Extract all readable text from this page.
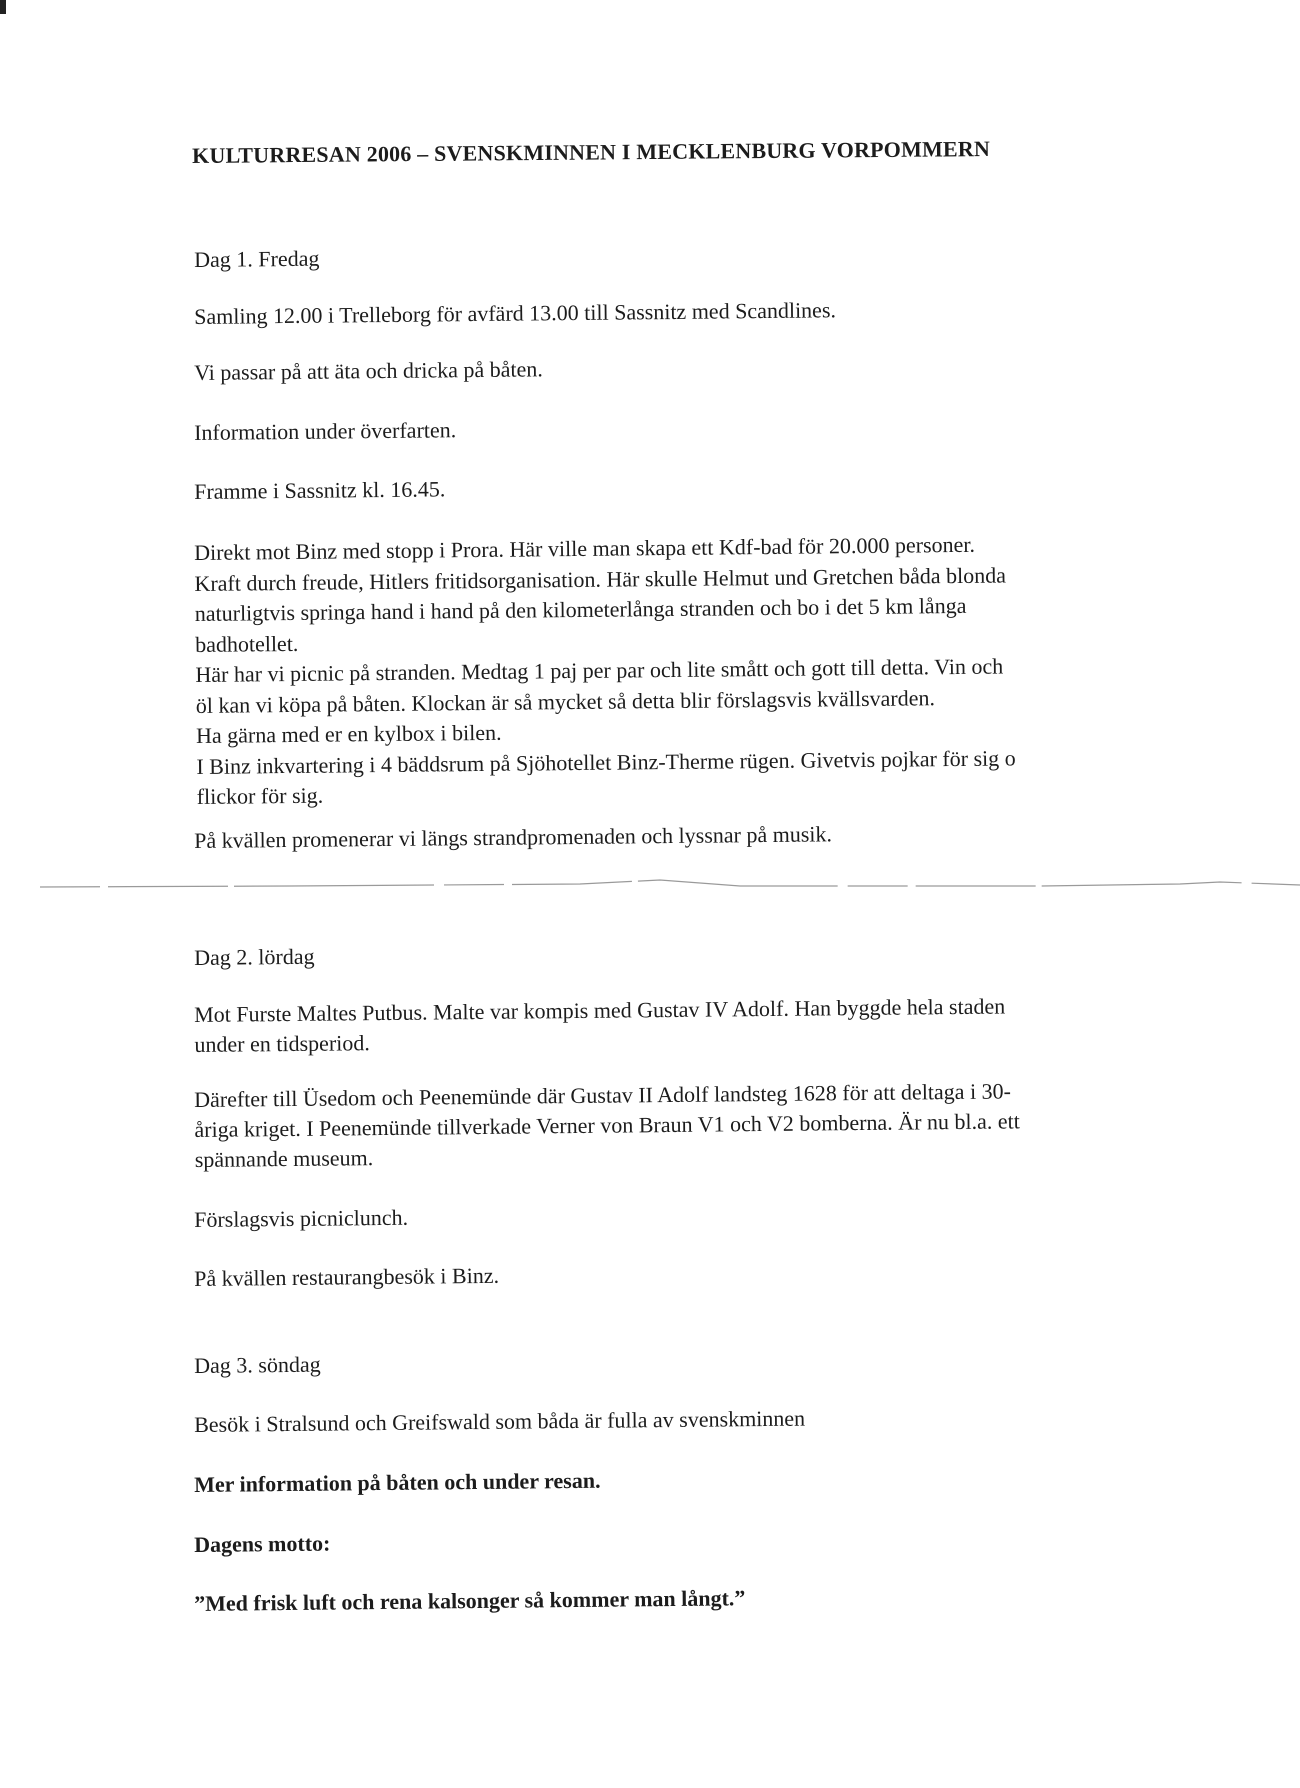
KULTURRESAN 2006 – SVENSKMINNEN I MECKLENBURG VORPOMMERN

Dag 1. Fredag

Samling 12.00 i Trelleborg för avfärd 13.00 till Sassnitz med Scandlines.

Vi passar på att äta och dricka på båten.

Information under överfarten.

Framme i Sassnitz kl. 16.45.

Direkt mot Binz med stopp i Prora. Här ville man skapa ett Kdf-bad för 20.000 personer.

Kraft durch freude, Hitlers fritidsorganisation. Här skulle Helmut und Gretchen båda blonda

naturligtvis springa hand i hand på den kilometerlånga stranden och bo i det 5 km långa

badhotellet.

Här har vi picnic på stranden. Medtag 1 paj per par och lite smått och gott till detta. Vin och

öl kan vi köpa på båten. Klockan är så mycket så detta blir förslagsvis kvällsvarden.

Ha gärna med er en kylbox i bilen.

I Binz inkvartering i 4 bäddsrum på Sjöhotellet Binz-Therme rügen. Givetvis pojkar för sig o

flickor för sig.

På kvällen promenerar vi längs strandpromenaden och lyssnar på musik.

Dag 2. lördag

Mot Furste Maltes Putbus. Malte var kompis med Gustav IV Adolf. Han byggde hela staden

under en tidsperiod.

Därefter till Üsedom och Peenemünde där Gustav II Adolf landsteg 1628 för att deltaga i 30-

åriga kriget. I Peenemünde tillverkade Verner von Braun V1 och V2 bomberna. Är nu bl.a. ett

spännande museum.

Förslagsvis picniclunch.

På kvällen restaurangbesök i Binz.

Dag 3. söndag

Besök i Stralsund och Greifswald som båda är fulla av svenskminnen

Mer information på båten och under resan.

Dagens motto:

”Med frisk luft och rena kalsonger så kommer man långt.”
